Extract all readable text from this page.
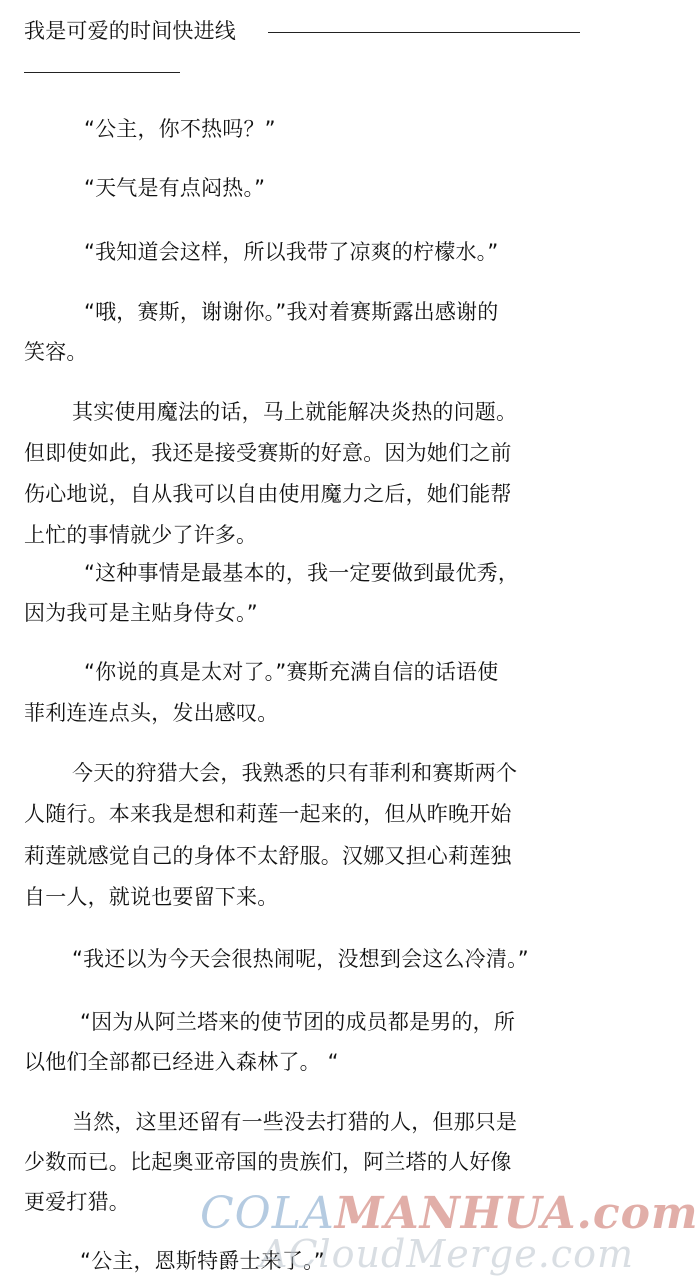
我是可爱的时间快进线
“公主，你不热吗？”
“天气是有点闷热。”
“我知道会这样，所以我带了凉爽的柠檬水。”
“哦，赛斯，谢谢你。”我对着赛斯露出感谢的
笑容。
其实使用魔法的话，马上就能解决炎热的问题。
但即使如此，我还是接受赛斯的好意。因为她们之前
伤心地说，自从我可以自由使用魔力之后，她们能帮
上忙的事情就少了许多。
“这种事情是最基本的，我一定要做到最优秀，
因为我可是主贴身侍女。”
“你说的真是太对了。”赛斯充满自信的话语使
菲利连连点头，发出感叹。
今天的狩猎大会，我熟悉的只有菲利和赛斯两个
人随行。本来我是想和莉莲一起来的，但从昨晚开始
莉莲就感觉自己的身体不太舒服。汉娜又担心莉莲独
自一人，就说也要留下来。
“我还以为今天会很热闹呢，没想到会这么冷清。”
“因为从阿兰塔来的使节团的成员都是男的，所
以他们全部都已经进入森林了。 “
当然，这里还留有一些没去打猎的人，但那只是
少数而已。比起奥亚帝国的贵族们，阿兰塔的人好像
更爱打猎。
“公主，恩斯特爵士来了。”
COLAMANHUA.com
ACloudMerge.com
